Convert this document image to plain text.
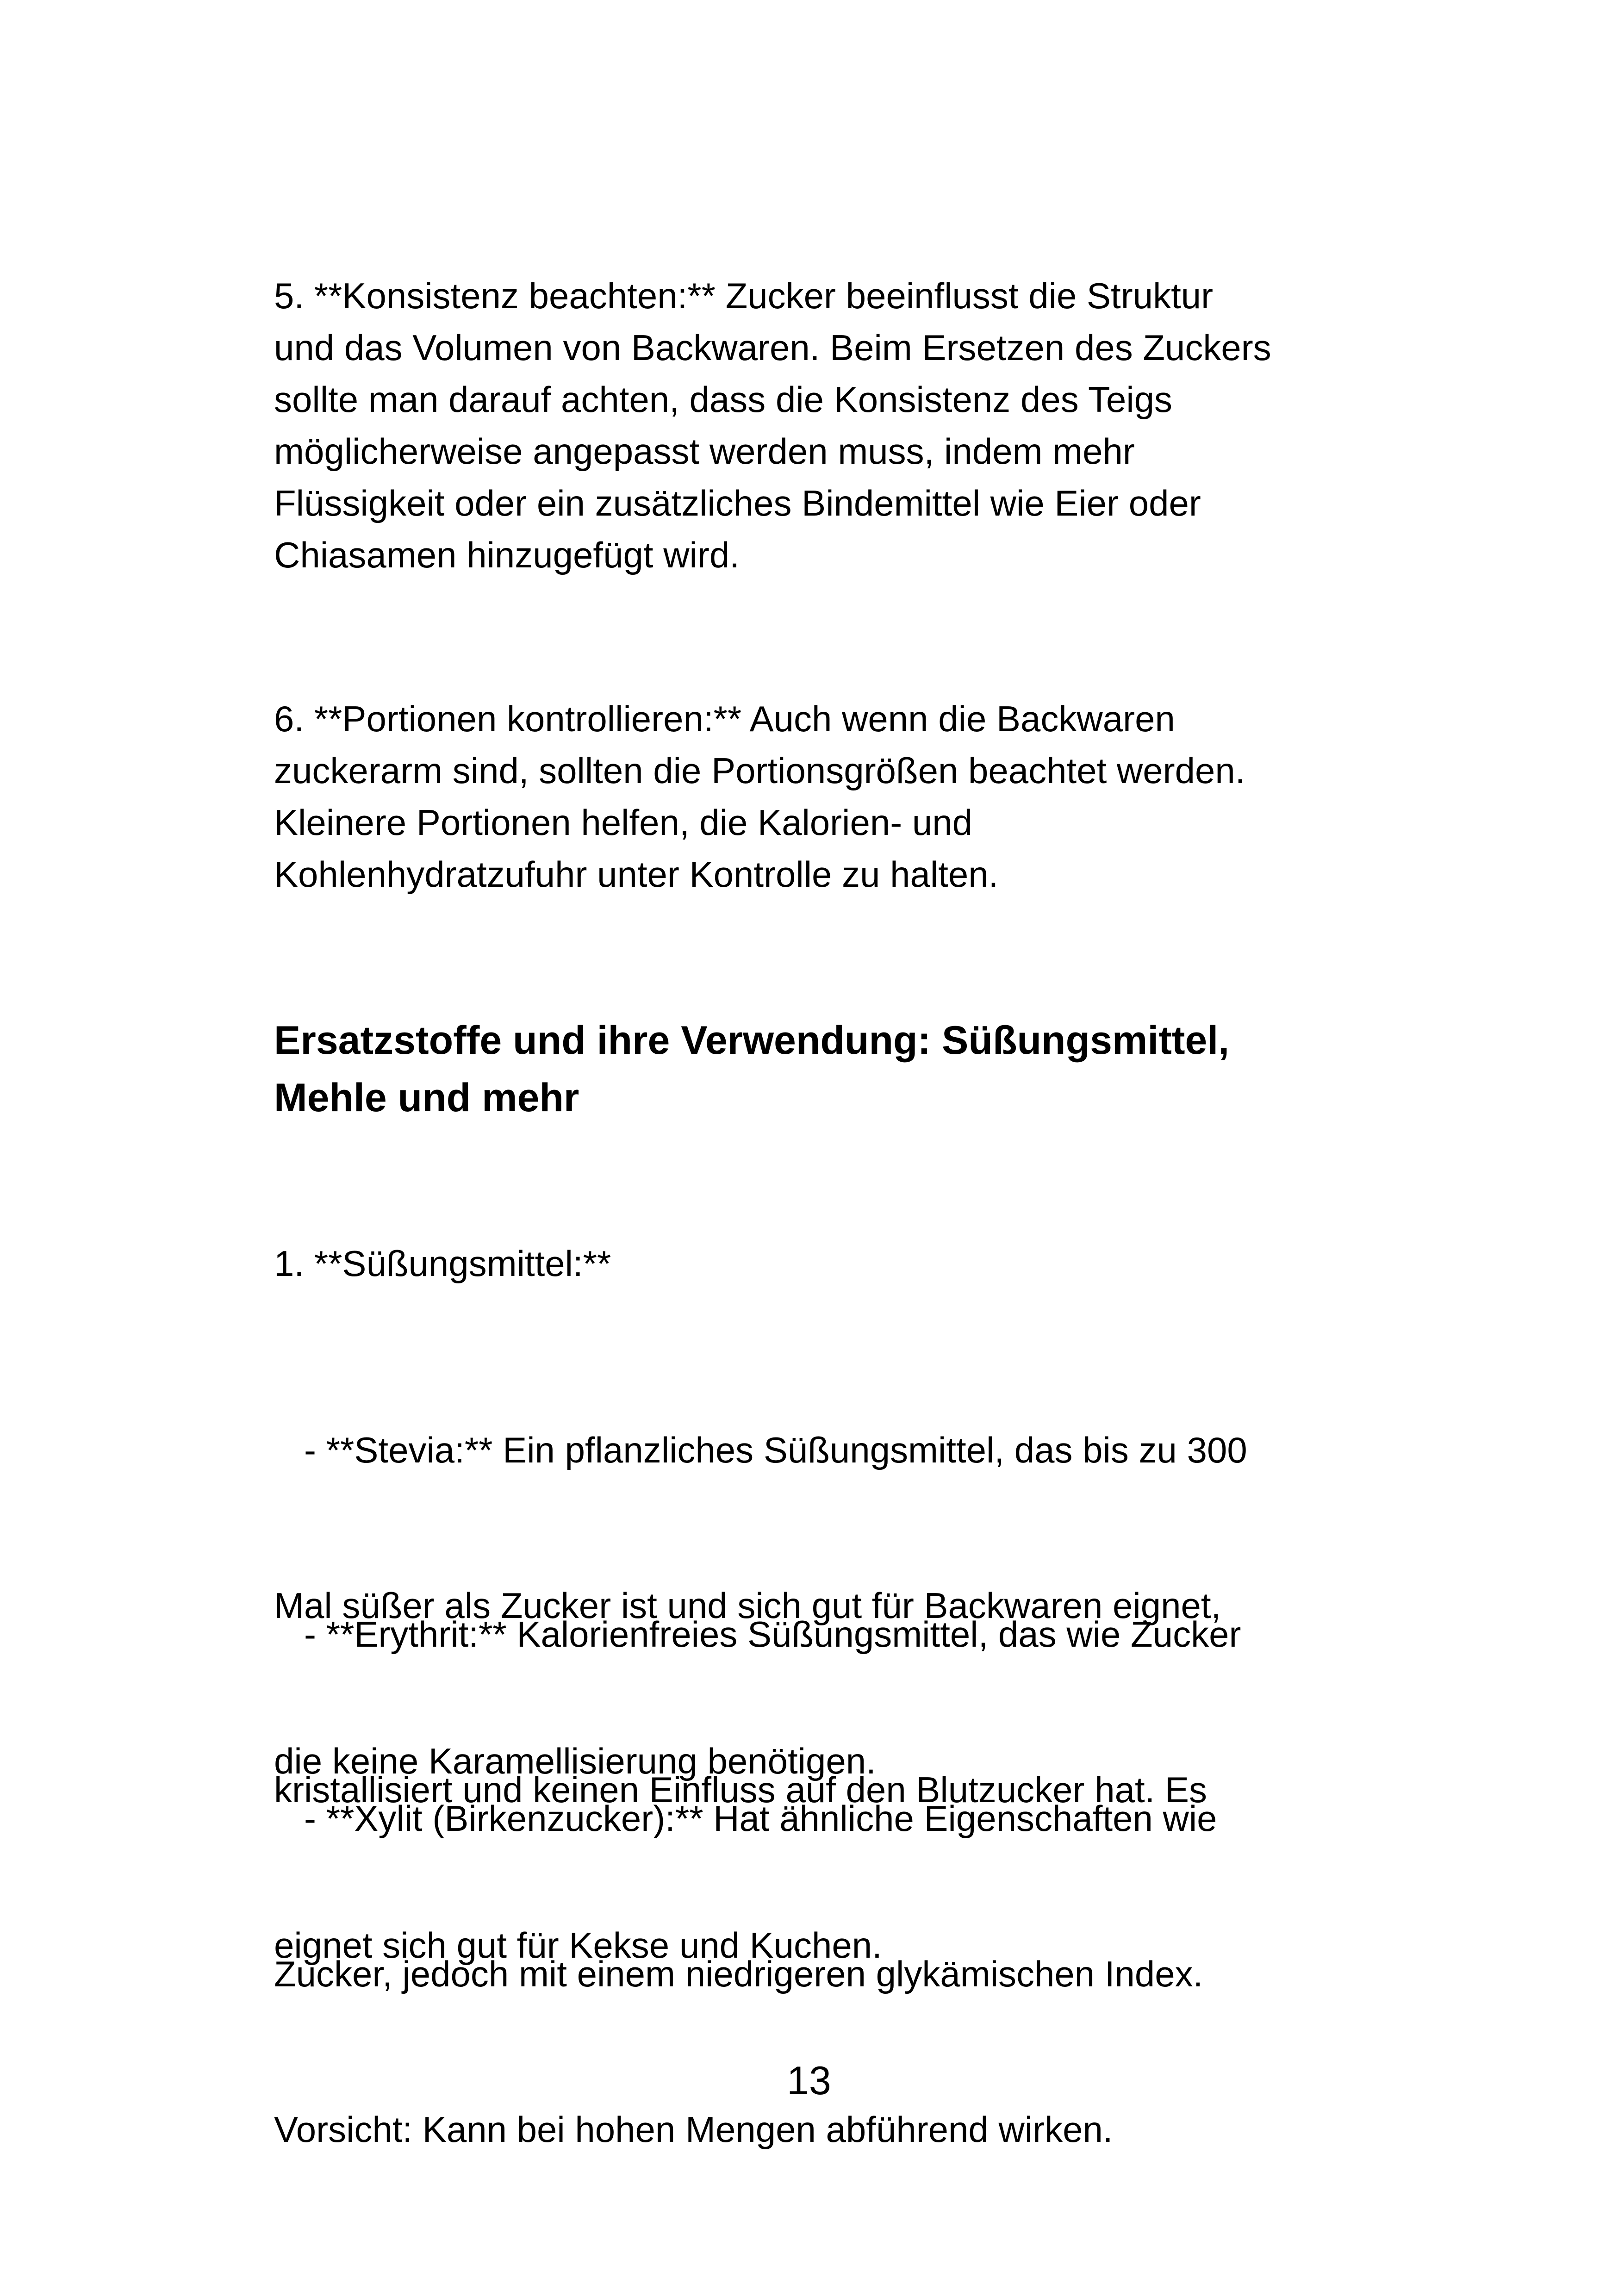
5. **Konsistenz beachten:** Zucker beeinflusst die Struktur
und das Volumen von Backwaren. Beim Ersetzen des Zuckers
sollte man darauf achten, dass die Konsistenz des Teigs
möglicherweise angepasst werden muss, indem mehr
Flüssigkeit oder ein zusätzliches Bindemittel wie Eier oder
Chiasamen hinzugefügt wird.

6. **Portionen kontrollieren:** Auch wenn die Backwaren
zuckerarm sind, sollten die Portionsgrößen beachtet werden.
Kleinere Portionen helfen, die Kalorien- und
Kohlenhydratzufuhr unter Kontrolle zu halten.

Ersatzstoffe und ihre Verwendung: Süßungsmittel,
Mehle und mehr

1. **Süßungsmittel:**

- **Stevia:** Ein pflanzliches Süßungsmittel, das bis zu 300

Mal süßer als Zucker ist und sich gut für Backwaren eignet,

die keine Karamellisierung benötigen.

- **Erythrit:** Kalorienfreies Süßungsmittel, das wie Zucker

kristallisiert und keinen Einfluss auf den Blutzucker hat. Es

eignet sich gut für Kekse und Kuchen.

- **Xylit (Birkenzucker):** Hat ähnliche Eigenschaften wie

Zucker, jedoch mit einem niedrigeren glykämischen Index.

Vorsicht: Kann bei hohen Mengen abführend wirken.

13
